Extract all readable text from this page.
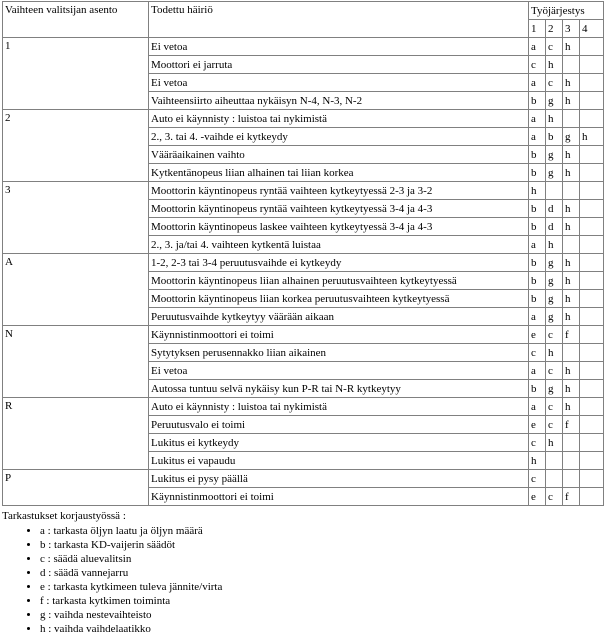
Vaihteen valitsijan asento	Todettu häiriö	Työjärjestys			
		1	2	3	4
1	Ei vetoa	a	c	h	
	Moottori ei jarruta	c	h		
	Ei vetoa	a	c	h	
	Vaihteensiirto aiheuttaa nykäisyn N-4, N-3, N-2	b	g	h	
2	Auto ei käynnisty : luistoa tai nykimistä	a	h		
	2., 3. tai 4. -vaihde ei kytkeydy	a	b	g	h
	Vääräaikainen vaihto	b	g	h	
	Kytkentänopeus liian alhainen tai liian korkea	b	g	h	
3	Moottorin käyntinopeus ryntää vaihteen kytkeytyessä 2-3 ja 3-2	h			
	Moottorin käyntinopeus ryntää vaihteen kytkeytyessä 3-4 ja 4-3	b	d	h	
	Moottorin käyntinopeus laskee vaihteen kytkeytyessä 3-4 ja 4-3	b	d	h	
	2., 3. ja/tai 4. vaihteen kytkentä luistaa	a	h		
A	1-2, 2-3 tai 3-4 peruutusvaihde ei kytkeydy	b	g	h	
	Moottorin käyntinopeus liian alhainen peruutusvaihteen kytkeytyessä	b	g	h	
	Moottorin käyntinopeus liian korkea peruutusvaihteen kytkeytyessä	b	g	h	
	Peruutusvaihde kytkeytyy väärään aikaan	a	g	h	
N	Käynnistinmoottori ei toimi	e	c	f	
	Sytytyksen perusennakko liian aikainen	c	h		
	Ei vetoa	a	c	h	
	Autossa tuntuu selvä nykäisy kun P-R tai N-R kytkeytyy	b	g	h	
R	Auto ei käynnisty : luistoa tai nykimistä	a	c	h	
	Peruutusvalo ei toimi	e	c	f	
	Lukitus ei kytkeydy	c	h		
	Lukitus ei vapaudu	h			
P	Lukitus ei pysy päällä	c			
	Käynnistinmoottori ei toimi	e	c	f	
Tarkastukset korjaustyössä :
• a : tarkasta öljyn laatu ja öljyn määrä
• b : tarkasta KD-vaijerin säädöt
• c : säädä aluevalitsin
• d : säädä vannejarru
• e : tarkasta kytkimeen tuleva jännite/virta
• f : tarkasta kytkimen toiminta
• g : vaihda nestevaihteisto
• h : vaihda vaihdelaatikko
